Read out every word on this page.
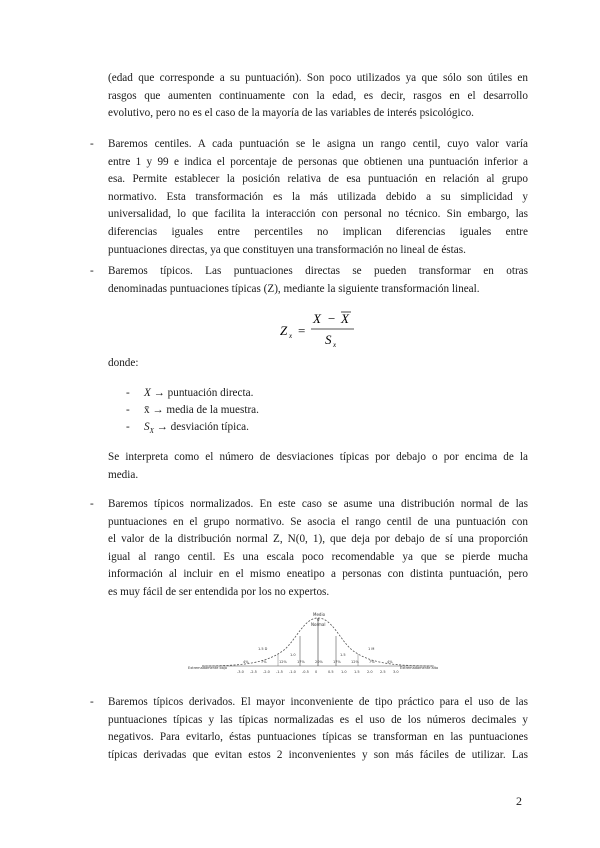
(edad que corresponde a su puntuación). Son poco utilizados ya que sólo son útiles en
rasgos que aumenten continuamente con la edad, es decir, rasgos en el desarrollo
evolutivo, pero no es el caso de la mayoría de las variables de interés psicológico.
- Baremos centiles. A cada puntuación se le asigna un rango centil, cuyo valor varía
entre 1 y 99 e indica el porcentaje de personas que obtienen una puntuación inferior a
esa. Permite establecer la posición relativa de esa puntuación en relación al grupo
normativo. Esta transformación es la más utilizada debido a su simplicidad y
universalidad, lo que facilita la interacción con personal no técnico. Sin embargo, las
diferencias iguales entre percentiles no implican diferencias iguales entre
puntuaciones directas, ya que constituyen una transformación no lineal de éstas.
- Baremos típicos. Las puntuaciones directas se pueden transformar en otras
denominadas puntuaciones típicas (Z), mediante la siguiente transformación lineal.
Z x =
X − X
S x
donde:
- X → puntuación directa.
- x̄ → media de la muestra.
- $S_X$ → desviación típica.
Se interpreta como el número de desviaciones típicas por debajo o por encima de la
media.
- Baremos típicos normalizados. En este caso se asume una distribución normal de las
puntuaciones en el grupo normativo. Se asocia el rango centil de una puntuación con
el valor de la distribución normal Z, N(0, 1), que deja por debajo de sí una proporción
igual al rango centil. Es una escala poco recomendable ya que se pierde mucha
información al incluir en el mismo eneatipo a personas con distinta puntuación, pero
es muy fácil de ser entendida por los no expertos.
Medio
o
Normal
Extremadamente bajo	Extremadamente alto
1.5 D
1.0	1.5
1 M
4%	7%	12%	17%	20%	17%	12%	7%	4%
-3.0 -2.5 -2.0 -1.5 -1.0 -0.5 0	0.5 1.0 1.5 2.0 2.5 3.0
- Baremos típicos derivados. El mayor inconveniente de tipo práctico para el uso de las
puntuaciones típicas y las típicas normalizadas es el uso de los números decimales y
negativos. Para evitarlo, éstas puntuaciones típicas se transforman en las puntuaciones
típicas derivadas que evitan estos 2 inconvenientes y son más fáciles de utilizar. Las
2
